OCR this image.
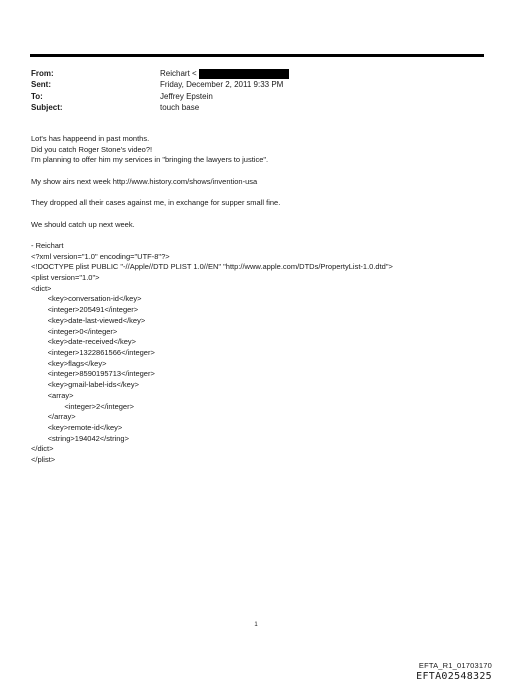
From:	Reichart <
Sent:	Friday, December 2, 2011 9:33 PM
To:	Jeffrey Epstein
Subject:	touch base
Lot's has happeend in past months.
Did you catch Roger Stone's video?!
I'm planning to offer him my services in "bringing the lawyers to justice".
My show airs next week http://www.history.com/shows/invention-usa
They dropped all their cases against me, in exchange for supper small fine.
We should catch up next week.
- Reichart
<?xml version="1.0" encoding="UTF-8"?>
<!DOCTYPE plist PUBLIC "-//Apple//DTD PLIST 1.0//EN" "http://www.apple.com/DTDs/PropertyList-1.0.dtd">
<plist version="1.0">
<dict>
<key>conversation-id</key>
<integer>205491</integer>
<key>date-last-viewed</key>
<integer>0</integer>
<key>date-received</key>
<integer>1322861566</integer>
<key>flags</key>
<integer>8590195713</integer>
<key>gmail-label-ids</key>
<array>
<integer>2</integer>
</array>
<key>remote-id</key>
<string>194042</string>
</dict>
</plist>
1
EFTA_R1_01703170
EFTA02548325
